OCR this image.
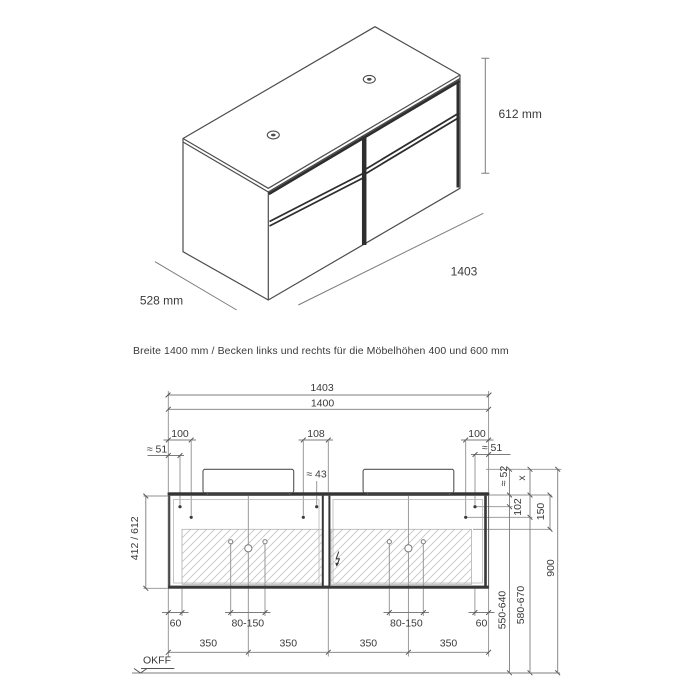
Breite 1400 mm / Becken links und rechts für die Möbelhöhen 400 und 600 mm
612 mm
1403
528 mm
1403
1400
100	108	100
≈ 51	≈ 51
≈ 43
60	80-150	80-150	60
350	350	350	350
OKFF
412 / 612
≈ 52 x
102 150
550-640 580-670
900
